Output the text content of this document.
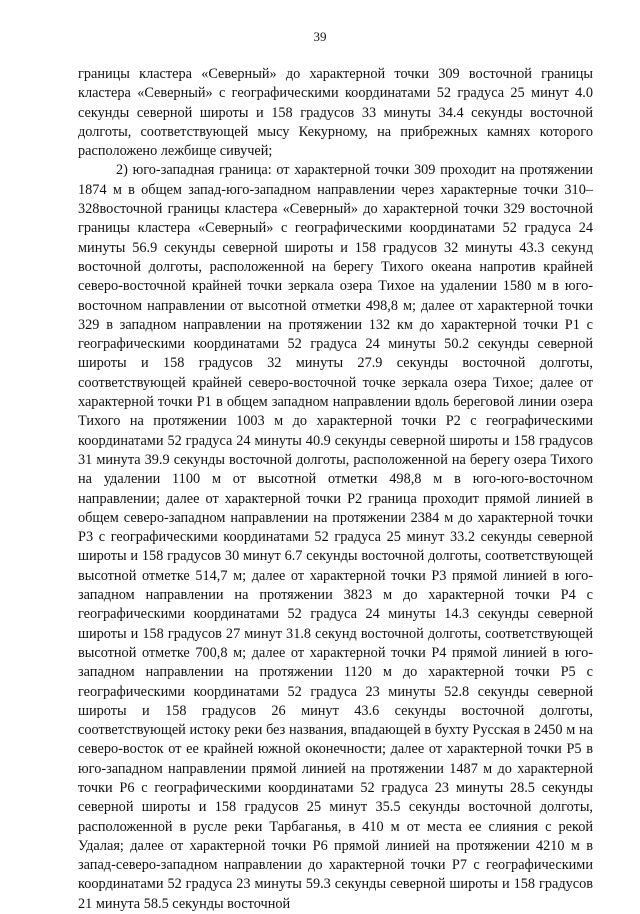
39

границы кластера «Северный» до характерной точки 309 восточной границы кластера «Северный» с географическими координатами 52 градуса 25 минут 4.0 секунды северной широты и 158 градусов 33 минуты 34.4 секунды восточной долготы, соответствующей мысу Кекурному, на прибрежных камнях которого расположено лежбище сивучей;

2) юго-западная граница: от характерной точки 309 проходит на протяжении 1874 м в общем запад-юго-западном направлении через характерные точки 310–328восточной границы кластера «Северный» до характерной точки 329 восточной границы кластера «Северный» с географическими координатами 52 градуса 24 минуты 56.9 секунды северной широты и 158 градусов 32 минуты 43.3 секунд восточной долготы, расположенной на берегу Тихого океана напротив крайней северо-восточной крайней точки зеркала озера Тихое на удалении 1580 м в юго-восточном направлении от высотной отметки 498,8 м; далее от характерной точки 329 в западном направлении на протяжении 132 км до характерной точки Р1 с географическими координатами 52 градуса 24 минуты 50.2 секунды северной широты и 158 градусов 32 минуты 27.9 секунды восточной долготы, соответствующей крайней северо-восточной точке зеркала озера Тихое; далее от характерной точки Р1 в общем западном направлении вдоль береговой линии озера Тихого на протяжении 1003 м до характерной точки Р2 с географическими координатами 52 градуса 24 минуты 40.9 секунды северной широты и 158 градусов 31 минута 39.9 секунды восточной долготы, расположенной на берегу озера Тихого на удалении 1100 м от высотной отметки 498,8 м в юго-юго-восточном направлении; далее от характерной точки Р2 граница проходит прямой линией в общем северо-западном направлении на протяжении 2384 м до характерной точки Р3 с географическими координатами 52 градуса 25 минут 33.2 секунды северной широты и 158 градусов 30 минут 6.7 секунды восточной долготы, соответствующей высотной отметке 514,7 м; далее от характерной точки Р3 прямой линией в юго-западном направлении на протяжении 3823 м до характерной точки Р4 с географическими координатами 52 градуса 24 минуты 14.3 секунды северной широты и 158 градусов 27 минут 31.8 секунд восточной долготы, соответствующей высотной отметке 700,8 м; далее от характерной точки Р4 прямой линией в юго-западном направлении на протяжении 1120 м до характерной точки Р5 с географическими координатами 52 градуса 23 минуты 52.8 секунды северной широты и 158 градусов 26 минут 43.6 секунды восточной долготы, соответствующей истоку реки без названия, впадающей в бухту Русская в 2450 м на северо-восток от ее крайней южной оконечности; далее от характерной точки Р5 в юго-западном направлении прямой линией на протяжении 1487 м до характерной точки Р6 с географическими координатами 52 градуса 23 минуты 28.5 секунды северной широты и 158 градусов 25 минут 35.5 секунды восточной долготы, расположенной в русле реки Тарбаганья, в 410 м от места ее слияния с рекой Удалая; далее от характерной точки Р6 прямой линией на протяжении 4210 м в запад-северо-западном направлении до характерной точки Р7 с географическими координатами 52 градуса 23 минуты 59.3 секунды северной широты и 158 градусов 21 минута 58.5 секунды восточной
